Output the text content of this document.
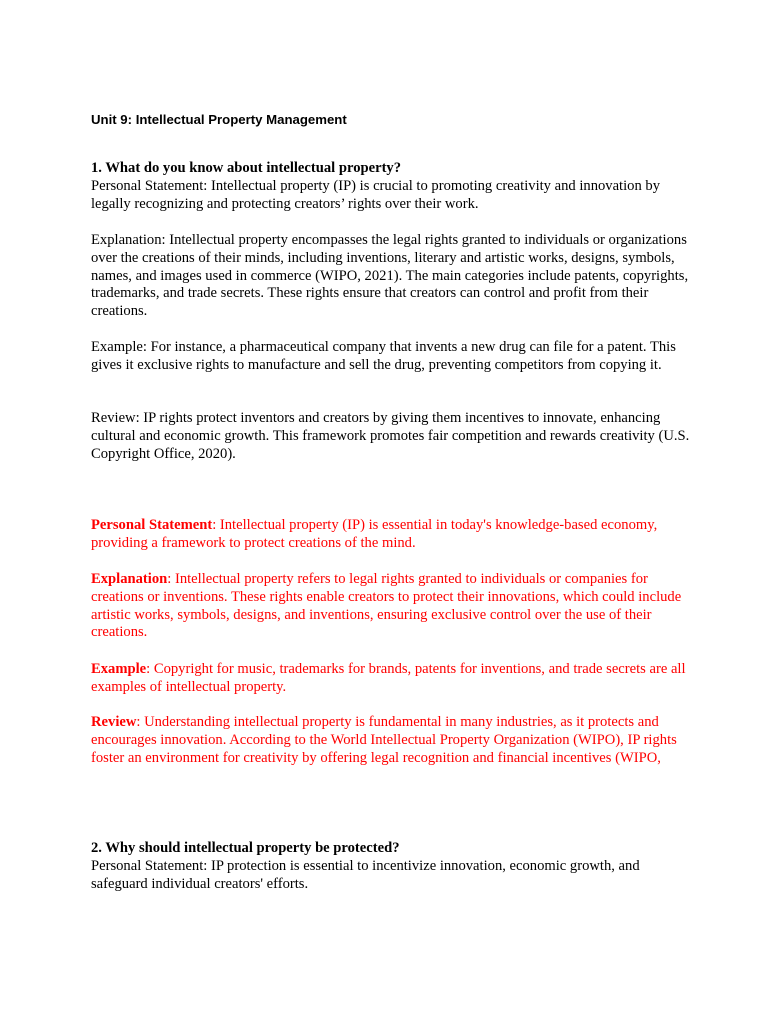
Unit 9: Intellectual Property Management

1. What do you know about intellectual property?

Personal Statement: Intellectual property (IP) is crucial to promoting creativity and innovation by legally recognizing and protecting creators’ rights over their work.

Explanation: Intellectual property encompasses the legal rights granted to individuals or organizations over the creations of their minds, including inventions, literary and artistic works, designs, symbols, names, and images used in commerce (WIPO, 2021). The main categories include patents, copyrights, trademarks, and trade secrets. These rights ensure that creators can control and profit from their creations.

Example: For instance, a pharmaceutical company that invents a new drug can file for a patent. This gives it exclusive rights to manufacture and sell the drug, preventing competitors from copying it.

Review: IP rights protect inventors and creators by giving them incentives to innovate, enhancing cultural and economic growth. This framework promotes fair competition and rewards creativity (U.S. Copyright Office, 2020).

Personal Statement: Intellectual property (IP) is essential in today's knowledge-based economy, providing a framework to protect creations of the mind.

Explanation: Intellectual property refers to legal rights granted to individuals or companies for creations or inventions. These rights enable creators to protect their innovations, which could include artistic works, symbols, designs, and inventions, ensuring exclusive control over the use of their creations.

Example: Copyright for music, trademarks for brands, patents for inventions, and trade secrets are all examples of intellectual property.

Review: Understanding intellectual property is fundamental in many industries, as it protects and encourages innovation. According to the World Intellectual Property Organization (WIPO), IP rights foster an environment for creativity by offering legal recognition and financial incentives (WIPO,

2. Why should intellectual property be protected?

Personal Statement: IP protection is essential to incentivize innovation, economic growth, and safeguard individual creators' efforts.
